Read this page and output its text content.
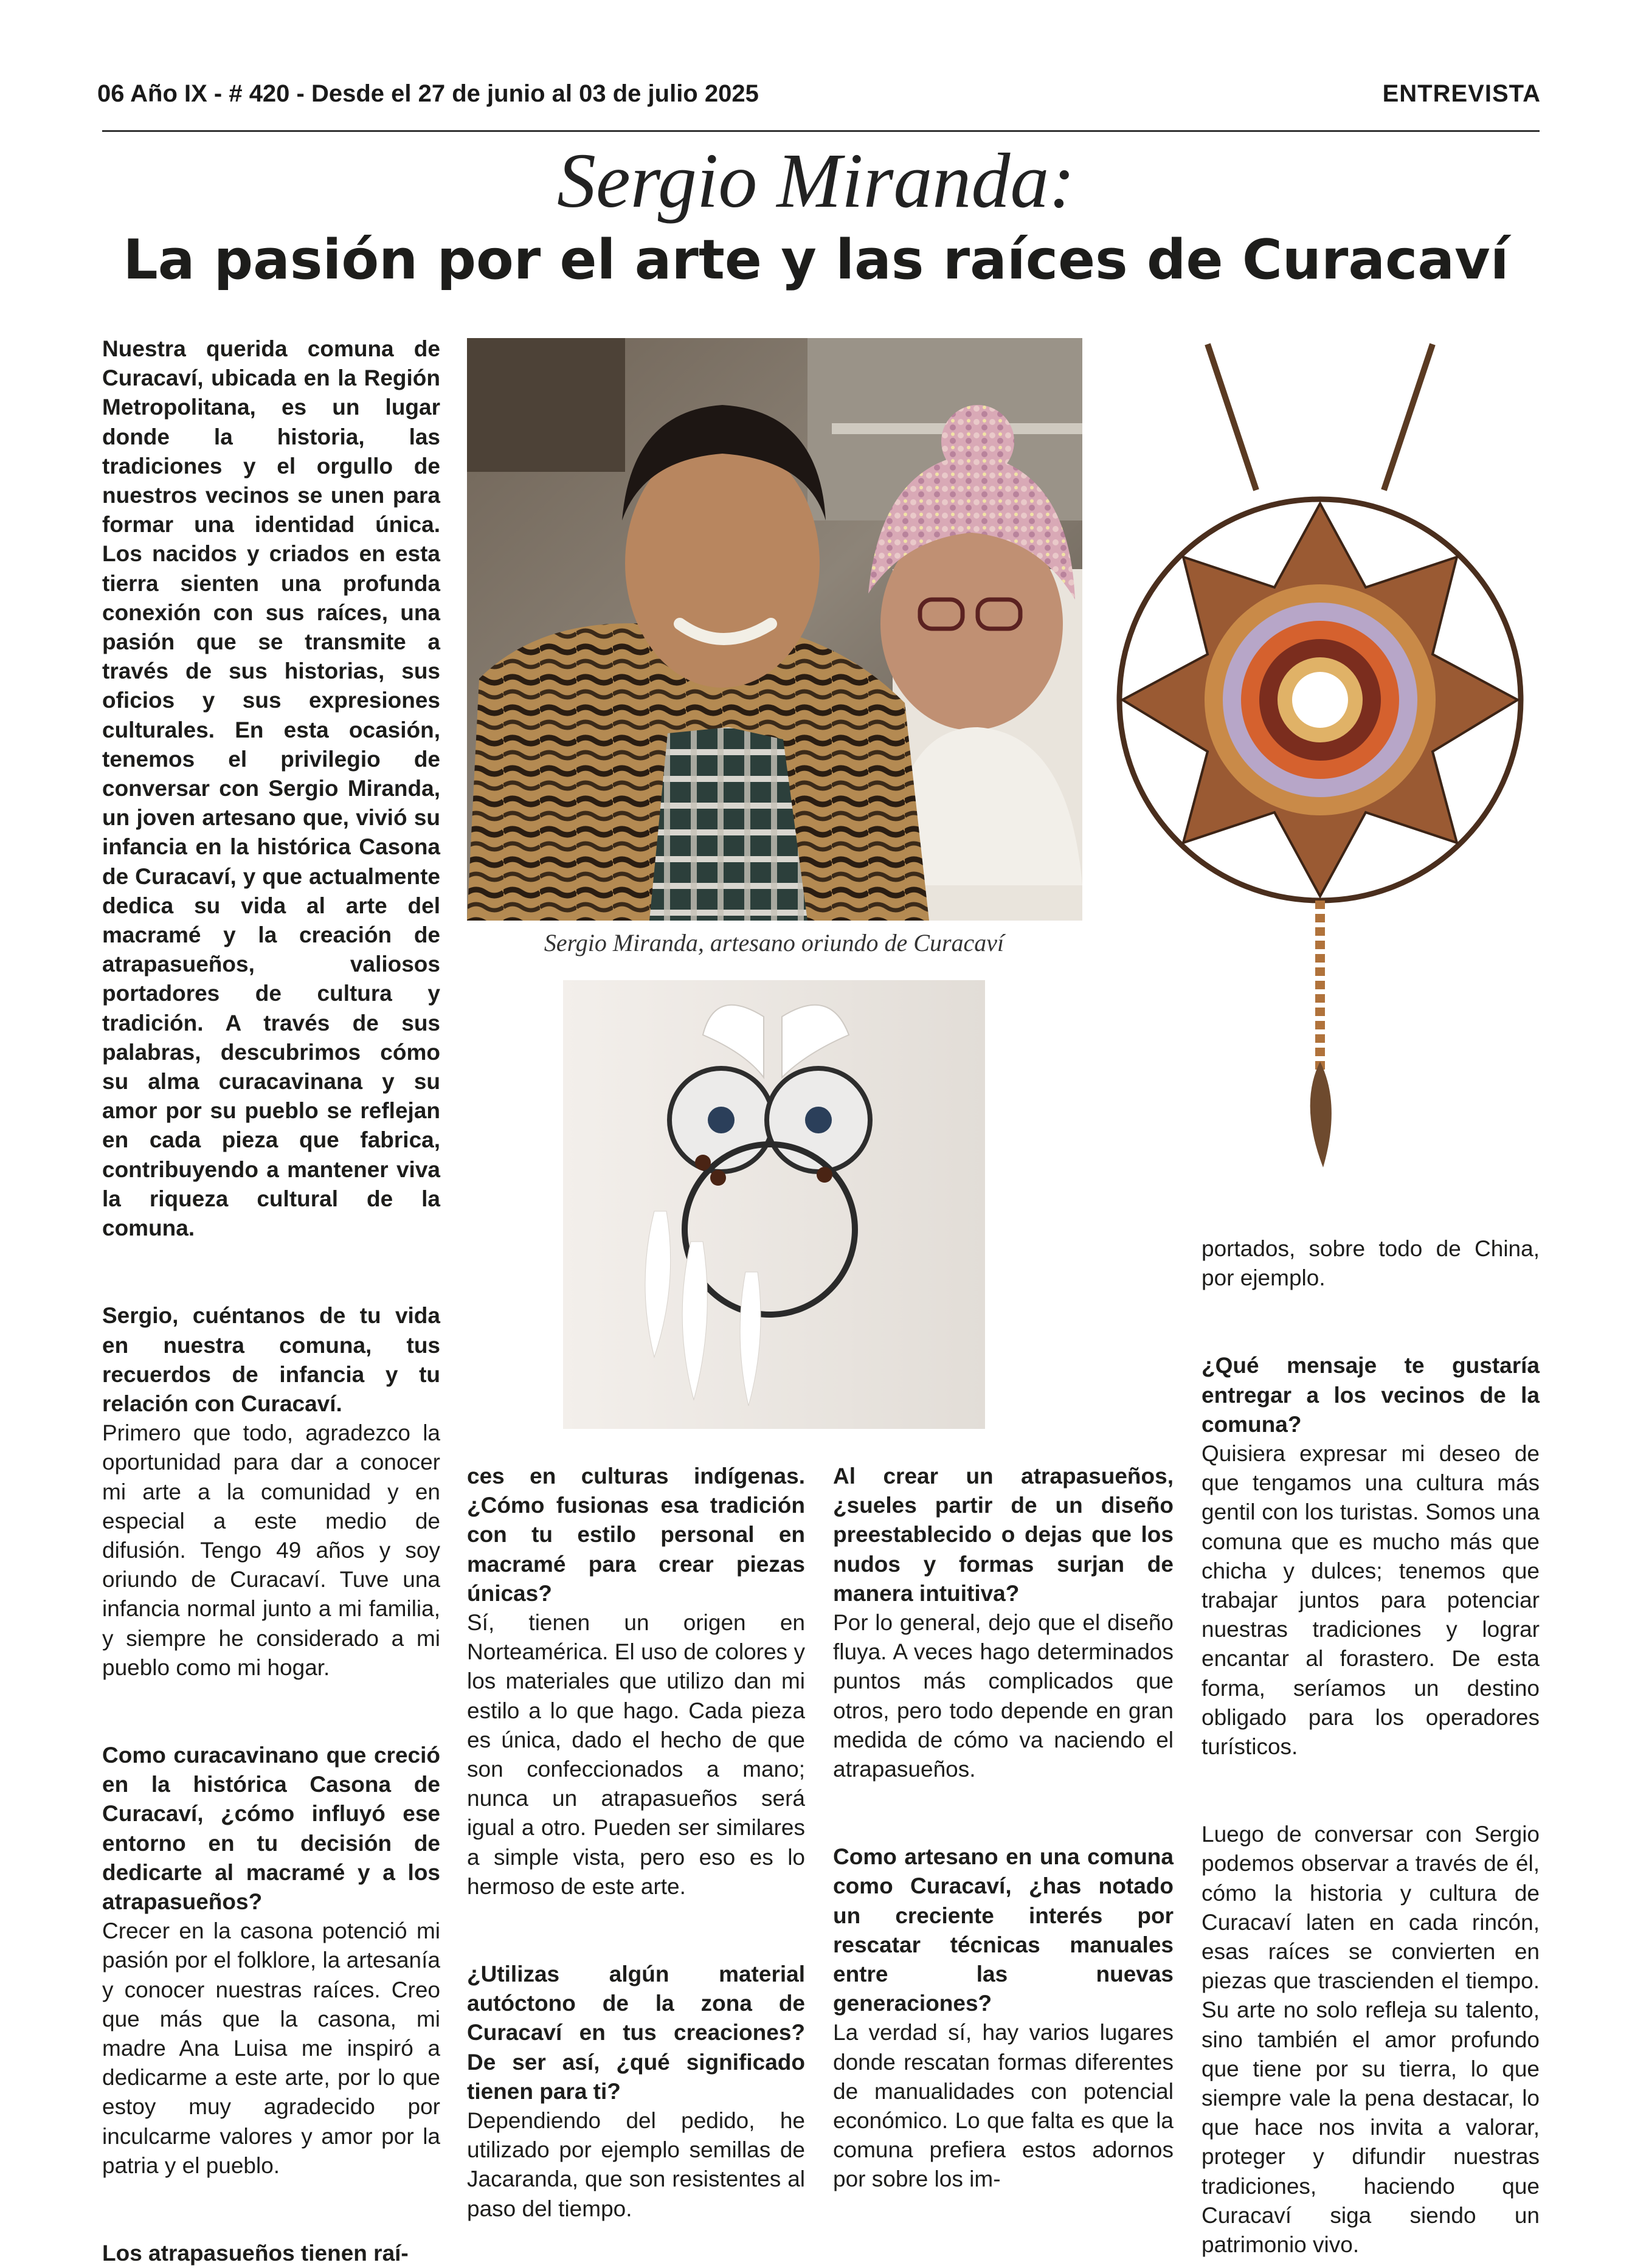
06 Año IX - # 420 - Desde el 27 de junio al 03 de julio 2025	ENTREVISTA
Sergio Miranda:
La pasión por el arte y las raíces de Curacaví
Sergio Miranda, artesano oriundo de Curacaví

Nuestra querida comuna de Curacaví, ubicada en la Región Metropolitana, es un lugar donde la historia, las tradiciones y el orgullo de nuestros vecinos se unen para formar una identidad única. Los nacidos y criados en esta tierra sienten una profunda conexión con sus raíces, una pasión que se transmite a través de sus historias, sus oficios y sus expresiones culturales. En esta ocasión, tenemos el privilegio de conversar con Sergio Miranda, un joven artesano que, vivió su infancia en la histórica Casona de Curacaví, y que actualmente dedica su vida al arte del macramé y la creación de atrapasueños, valiosos portadores de cultura y tradición. A través de sus palabras, descubrimos cómo su alma curacavinana y su amor por su pueblo se reflejan en cada pieza que fabrica, contribuyendo a mantener viva la riqueza cultural de la comuna.

Sergio, cuéntanos de tu vida en nuestra comuna, tus recuerdos de infancia y tu relación con Curacaví.

Primero que todo, agradezco la oportunidad para dar a conocer mi arte a la comunidad y en especial a este medio de difusión. Tengo 49 años y soy oriundo de Curacaví. Tuve una infancia normal junto a mi familia, y siempre he considerado a mi pueblo como mi hogar.

Como curacavinano que creció en la histórica Casona de Curacaví, ¿cómo influyó ese entorno en tu decisión de dedicarte al macramé y a los atrapasueños?

Crecer en la casona potenció mi pasión por el folklore, la artesanía y conocer nuestras raíces. Creo que más que la casona, mi madre Ana Luisa me inspiró a dedicarme a este arte, por lo que estoy muy agradecido por inculcarme valores y amor por la patria y el pueblo.

Los atrapasueños tienen raí-

ces en culturas indígenas. ¿Cómo fusionas esa tradición con tu estilo personal en macramé para crear piezas únicas?

Sí, tienen un origen en Norteamérica. El uso de colores y los materiales que utilizo dan mi estilo a lo que hago. Cada pieza es única, dado el hecho de que son confeccionados a mano; nunca un atrapasueños será igual a otro. Pueden ser similares a simple vista, pero eso es lo hermoso de este arte.

¿Utilizas algún material autóctono de la zona de Curacaví en tus creaciones? De ser así, ¿qué significado tienen para ti?

Dependiendo del pedido, he utilizado por ejemplo semillas de Jacaranda, que son resistentes al paso del tiempo.

Al crear un atrapasueños, ¿sueles partir de un diseño preestablecido o dejas que los nudos y formas surjan de manera intuitiva?

Por lo general, dejo que el diseño fluya. A veces hago determinados puntos más complicados que otros, pero todo depende en gran medida de cómo va naciendo el atrapasueños.

Como artesano en una comuna como Curacaví, ¿has notado un creciente interés por rescatar técnicas manuales entre las nuevas generaciones?

La verdad sí, hay varios lugares donde rescatan formas diferentes de manualidades con potencial económico. Lo que falta es que la comuna prefiera estos adornos por sobre los im-

portados, sobre todo de China, por ejemplo.

¿Qué mensaje te gustaría entregar a los vecinos de la comuna?

Quisiera expresar mi deseo de que tengamos una cultura más gentil con los turistas. Somos una comuna que es mucho más que chicha y dulces; tenemos que trabajar juntos para potenciar nuestras tradiciones y lograr encantar al forastero. De esta forma, seríamos un destino obligado para los operadores turísticos.

Luego de conversar con Sergio podemos observar a través de él, cómo la historia y cultura de Curacaví laten en cada rincón, esas raíces se convierten en piezas que trascienden el tiempo. Su arte no solo refleja su talento, sino también el amor profundo que tiene por su tierra, lo que siempre vale la pena destacar, lo que hace nos invita a valorar, proteger y difundir nuestras tradiciones, haciendo que Curacaví siga siendo un patrimonio vivo.
